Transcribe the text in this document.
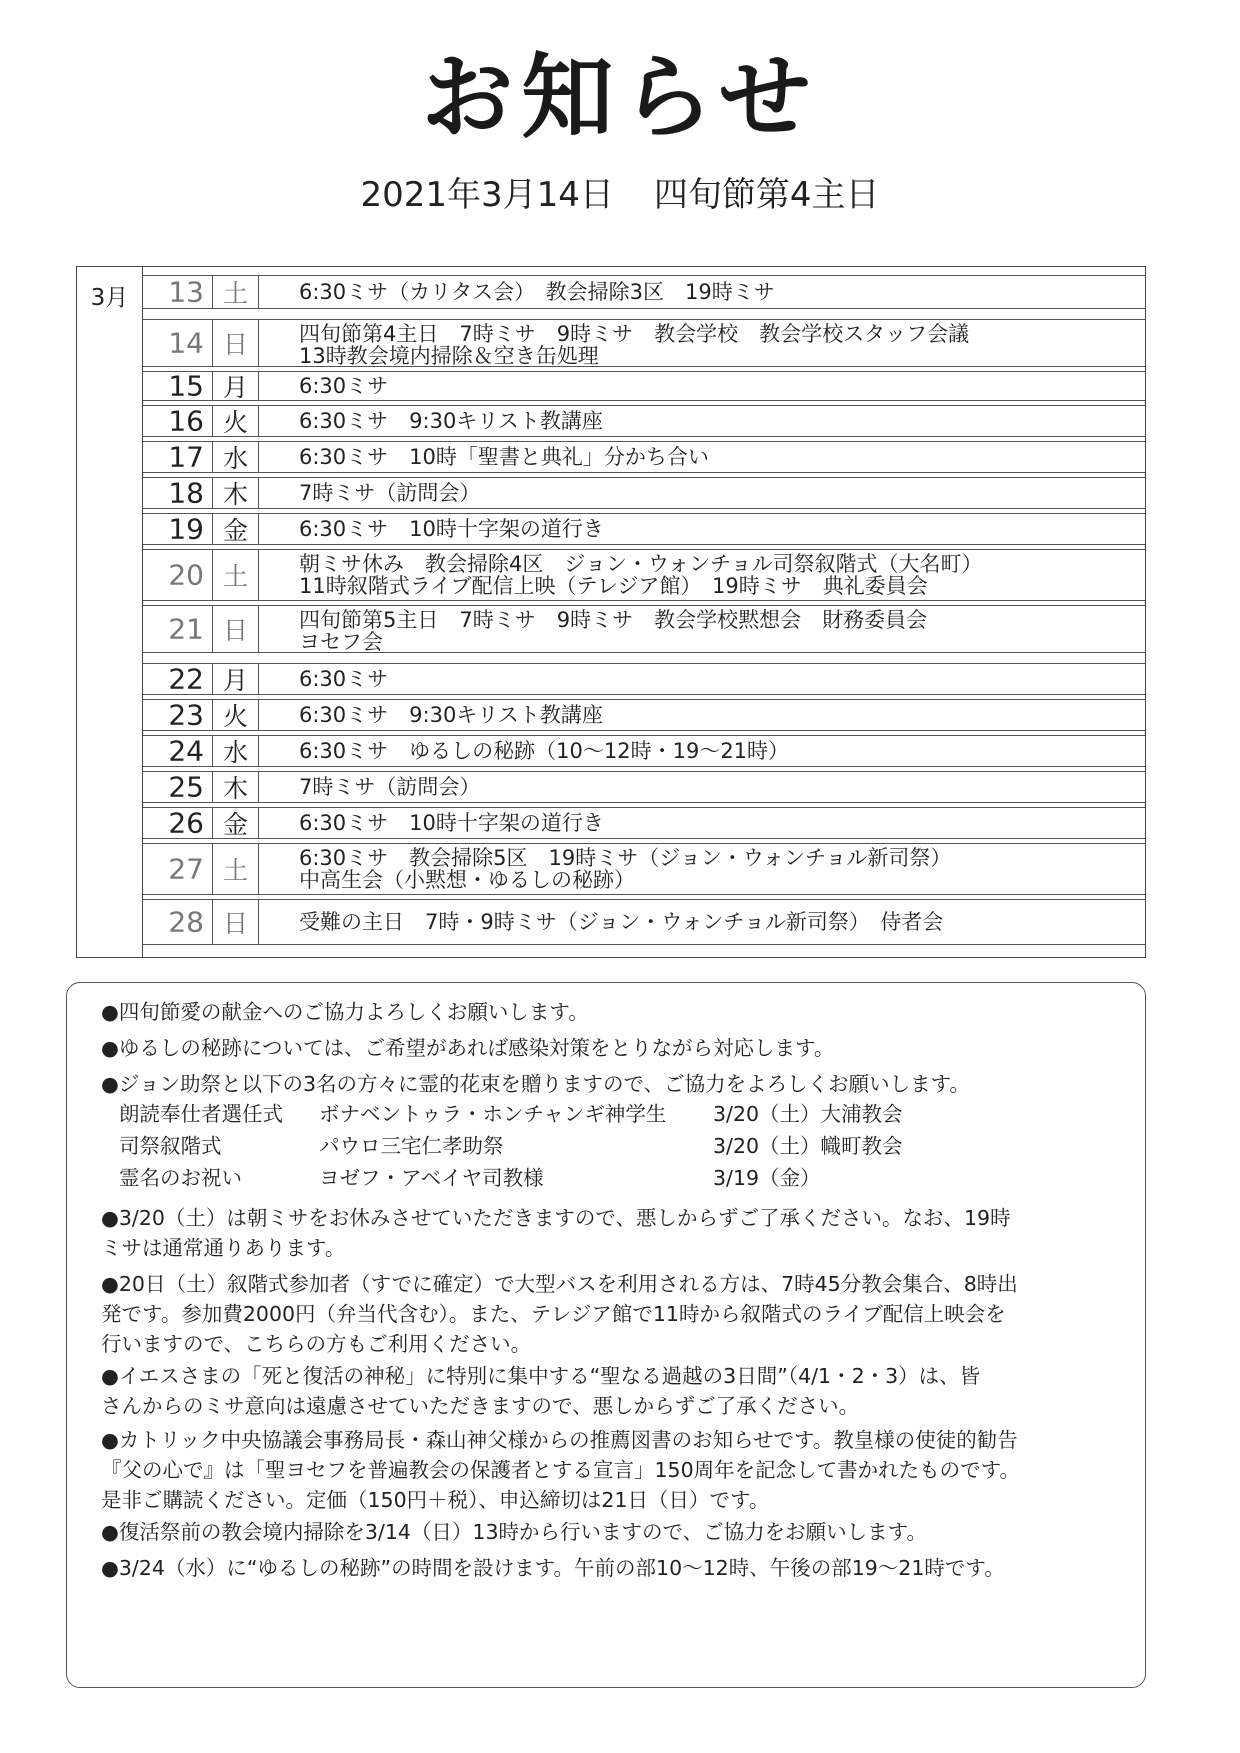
お知らせ
2021年3月14日 四旬節第4主日
3月	13 土	6:30ミサ（カリタス会）　教会掃除3区　19時ミサ
14 日	四旬節第4主日　7時ミサ　9時ミサ　教会学校　教会学校スタッフ会議
13時教会境内掃除＆空き缶処理
15 月	6:30ミサ
16 火	6:30ミサ　9:30キリスト教講座
17 水	6:30ミサ　10時「聖書と典礼」分かち合い
18 木	7時ミサ（訪問会）
19 金	6:30ミサ　10時十字架の道行き
20 土	朝ミサ休み　教会掃除4区　ジョン・ウォンチョル司祭叙階式（大名町）
11時叙階式ライブ配信上映（テレジア館）　19時ミサ　典礼委員会
21 日	四旬節第5主日　7時ミサ　9時ミサ　教会学校黙想会　財務委員会
ヨセフ会
22 月	6:30ミサ
23 火	6:30ミサ　9:30キリスト教講座
24 水	6:30ミサ　ゆるしの秘跡（10～12時・19～21時）
25 木	7時ミサ（訪問会）
26 金	6:30ミサ　10時十字架の道行き
27 土	6:30ミサ　教会掃除5区　19時ミサ（ジョン・ウォンチョル新司祭）
中高生会（小黙想・ゆるしの秘跡）
28 日	受難の主日　7時・9時ミサ（ジョン・ウォンチョル新司祭）　侍者会

●四旬節愛の献金へのご協力よろしくお願いします。

●ゆるしの秘跡については、ご希望があれば感染対策をとりながら対応します。

●ジョン助祭と以下の3名の方々に霊的花束を贈りますので、ご協力をよろしくお願いします。

朗読奉仕者選任式 ボナベントゥラ・ホンチャンギ神学生 3/20（土）大浦教会
司祭叙階式	パウロ三宅仁孝助祭	3/20（土）幟町教会
霊名のお祝い	ヨゼフ・アベイヤ司教様	3/19（金）

●3/20（土）は朝ミサをお休みさせていただきますので、悪しからずご了承ください。なお、19時

ミサは通常通りあります。

●20日（土）叙階式参加者（すでに確定）で大型バスを利用される方は、7時45分教会集合、8時出

発です。参加費2000円（弁当代含む）。また、テレジア館で11時から叙階式のライブ配信上映会を

行いますので、こちらの方もご利用ください。

●イエスさまの「死と復活の神秘」に特別に集中する“聖なる過越の3日間”（4/1・2・3）は、皆

さんからのミサ意向は遠慮させていただきますので、悪しからずご了承ください。

●カトリック中央協議会事務局長・森山神父様からの推薦図書のお知らせです。教皇様の使徒的勧告

『父の心で』は「聖ヨセフを普遍教会の保護者とする宣言」150周年を記念して書かれたものです。

是非ご購読ください。定価（150円＋税）、申込締切は21日（日）です。

●復活祭前の教会境内掃除を3/14（日）13時から行いますので、ご協力をお願いします。

●3/24（水）に“ゆるしの秘跡”の時間を設けます。午前の部10～12時、午後の部19～21時です。
